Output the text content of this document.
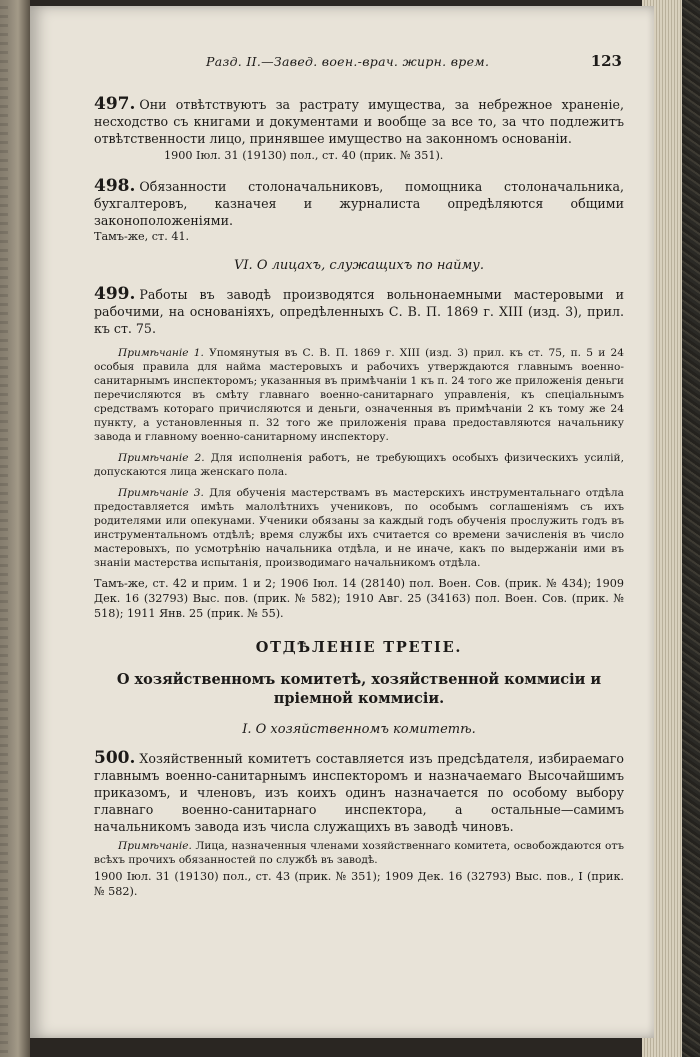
Разд. II.—Завед. воен.-врач. жирн. врем.	123

497. Они отвѣтствуютъ за растрату имущества, за небрежное храненіе, несходство съ книгами и документами и вообще за все то, за что подлежитъ отвѣтственности лицо, принявшее имущество на законномъ основаніи.

1900 Іюл. 31 (19130) пол., ст. 40 (прик. № 351).

498. Обязанности столоначальниковъ, помощника столоначальника, бухгалтеровъ, казначея и журналиста опредѣляются общими законоположеніями.

Тамъ-же, ст. 41.

VI. О лицахъ, служащихъ по найму.

499. Работы въ заводѣ производятся вольнонаемными мастеровыми и рабочими, на основаніяхъ, опредѣленныхъ С. В. П. 1869 г. XIII (изд. 3), прил. къ ст. 75.

Примѣчаніе 1. Упомянутыя въ С. В. П. 1869 г. XIII (изд. 3) прил. къ ст. 75, п. 5 и 24 особыя правила для найма мастеровыхъ и рабочихъ утверждаются главнымъ военно-санитарнымъ инспекторомъ; указанныя въ примѣчаніи 1 къ п. 24 того же приложенія деньги перечисляются въ смѣту главнаго военно-санитарнаго управленія, къ спеціальнымъ средствамъ котораго причисляются и деньги, означенныя въ примѣчаніи 2 къ тому же 24 пункту, а установленныя п. 32 того же приложенія права предоставляются начальнику завода и главному военно-санитарному инспектору.

Примѣчаніе 2. Для исполненія работъ, не требующихъ особыхъ физическихъ усилій, допускаются лица женскаго пола.

Примѣчаніе 3. Для обученія мастерствамъ въ мастерскихъ инструментальнаго отдѣла предоставляется имѣть малолѣтнихъ учениковъ, по особымъ соглашеніямъ съ ихъ родителями или опекунами. Ученики обязаны за каждый годъ обученія прослужить годъ въ инструментальномъ отдѣлѣ; время службы ихъ считается со времени зачисленія въ число мастеровыхъ, по усмотрѣнію начальника отдѣла, и не иначе, какъ по выдержаніи ими въ знаніи мастерства испытанія, производимаго начальникомъ отдѣла.

Тамъ-же, ст. 42 и прим. 1 и 2; 1906 Іюл. 14 (28140) пол. Воен. Сов. (прик. № 434); 1909 Дек. 16 (32793) Выс. пов. (прик. № 582); 1910 Авг. 25 (34163) пол. Воен. Сов. (прик. № 518); 1911 Янв. 25 (прик. № 55).

ОТДѢЛЕНІЕ ТРЕТІЕ.

О хозяйственномъ комитетѣ, хозяйственной коммисіи и пріемной коммисіи.

I. О хозяйственномъ комитетѣ.

500. Хозяйственный комитетъ составляется изъ предсѣдателя, избираемаго главнымъ военно-санитарнымъ инспекторомъ и назначаемаго Высочайшимъ приказомъ, и членовъ, изъ коихъ одинъ назначается по особому выбору главнаго военно-санитарнаго инспектора, а остальные—самимъ начальникомъ завода изъ числа служащихъ въ заводѣ чиновъ.

Примѣчаніе. Лица, назначенныя членами хозяйственнаго комитета, освобождаются отъ всѣхъ прочихъ обязанностей по службѣ въ заводѣ.

1900 Іюл. 31 (19130) пол., ст. 43 (прик. № 351); 1909 Дек. 16 (32793) Выс. пов., I (прик. № 582).
